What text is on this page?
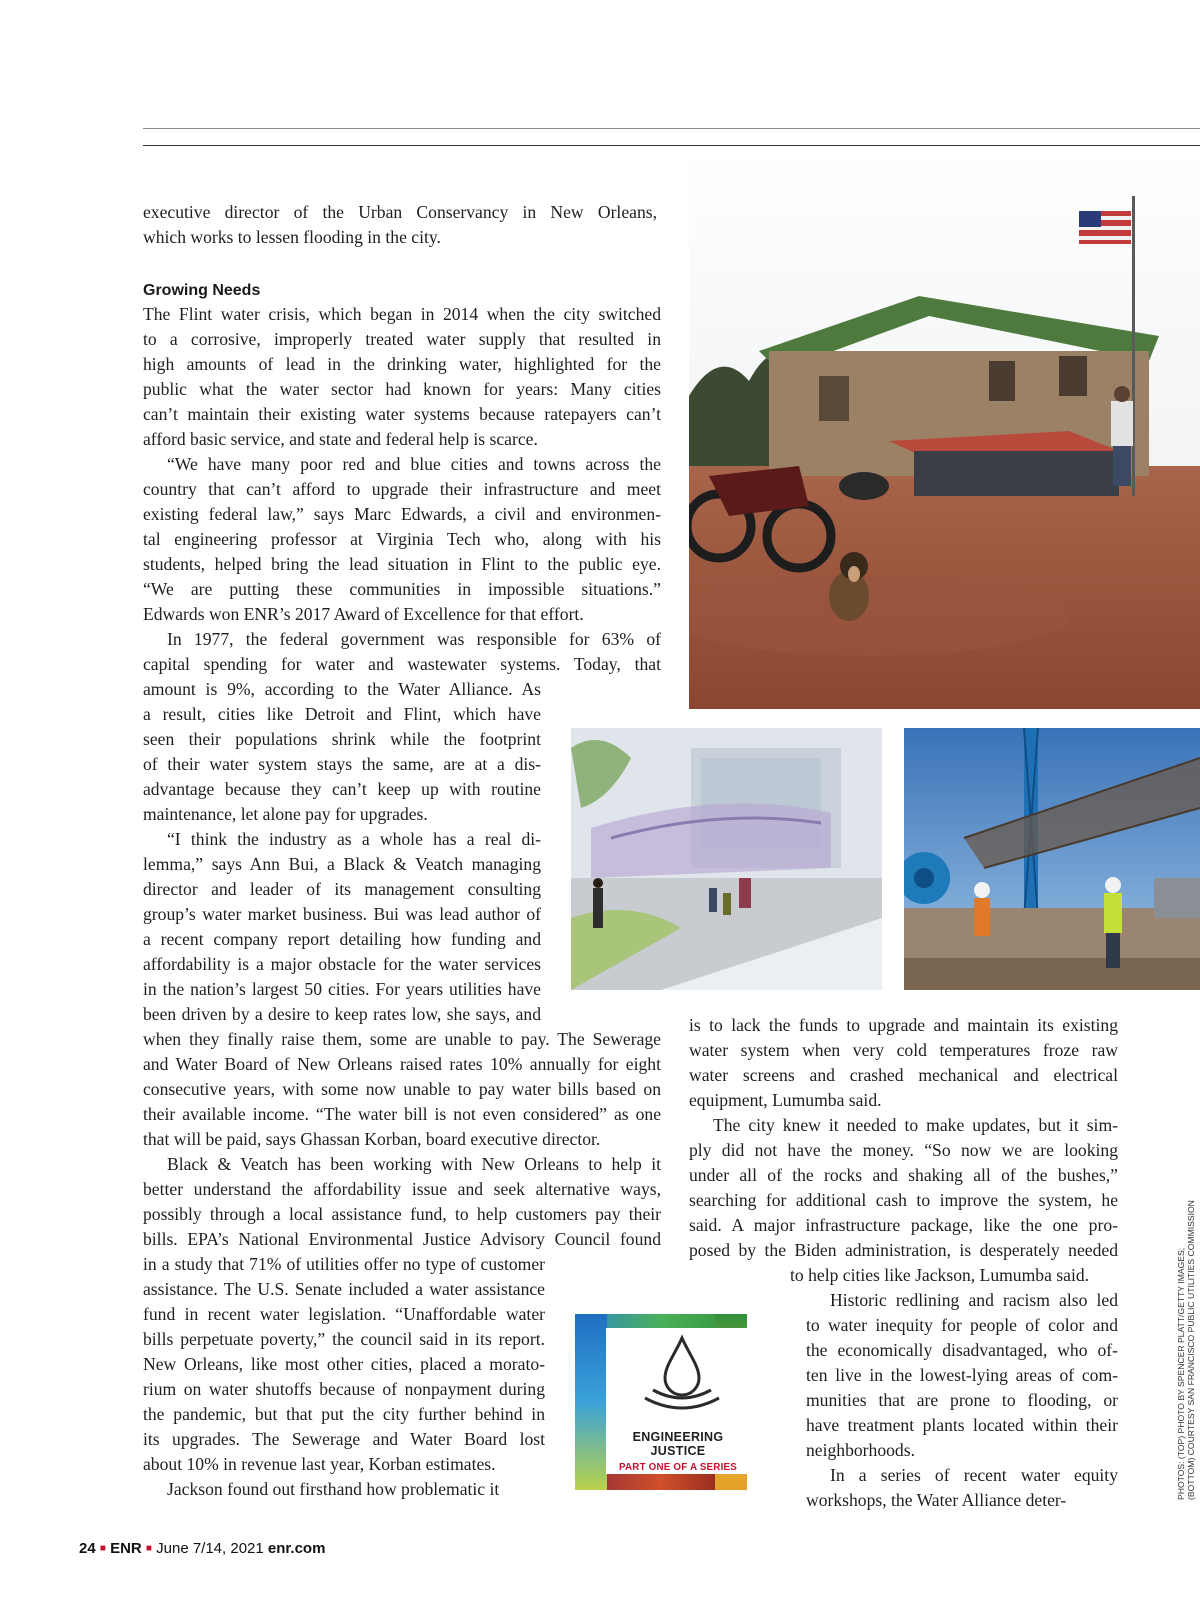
ENGINEERING
JUSTICE
PART ONE OF A SERIES
executive director of the Urban Conservancy in New Orleans,
which works to lessen flooding in the city.
Growing Needs
The Flint water crisis, which began in 2014 when the city switched
to a corrosive, improperly treated water supply that resulted in
high amounts of lead in the drinking water, highlighted for the
public what the water sector had known for years: Many cities
can’t maintain their existing water systems because ratepayers can’t
afford basic service, and state and federal help is scarce.
“We have many poor red and blue cities and towns across the
country that can’t afford to upgrade their infrastructure and meet
existing federal law,” says Marc Edwards, a civil and environmen-
tal engineering professor at Virginia Tech who, along with his
students, helped bring the lead situation in Flint to the public eye.
“We are putting these communities in impossible situations.”
Edwards won ENR’s 2017 Award of Excellence for that effort.
In 1977, the federal government was responsible for 63% of
capital spending for water and wastewater systems. Today, that
amount is 9%, according to the Water Alliance. As
a result, cities like Detroit and Flint, which have
seen their populations shrink while the footprint
of their water system stays the same, are at a dis-
advantage because they can’t keep up with routine
maintenance, let alone pay for upgrades.
“I think the industry as a whole has a real di-
lemma,” says Ann Bui, a Black & Veatch managing
director and leader of its management consulting
group’s water market business. Bui was lead author of
a recent company report detailing how funding and
affordability is a major obstacle for the water services
in the nation’s largest 50 cities. For years utilities have
been driven by a desire to keep rates low, she says, and
when they finally raise them, some are unable to pay. The Sewerage
and Water Board of New Orleans raised rates 10% annually for eight
consecutive years, with some now unable to pay water bills based on
their available income. “The water bill is not even considered” as one
that will be paid, says Ghassan Korban, board executive director.
Black & Veatch has been working with New Orleans to help it
better understand the affordability issue and seek alternative ways,
possibly through a local assistance fund, to help customers pay their
bills. EPA’s National Environmental Justice Advisory Council found
in a study that 71% of utilities offer no type of customer
assistance. The U.S. Senate included a water assistance
fund in recent water legislation. “Unaffordable water
bills perpetuate poverty,” the council said in its report.
New Orleans, like most other cities, placed a morato-
rium on water shutoffs because of nonpayment during
the pandemic, but that put the city further behind in
its upgrades. The Sewerage and Water Board lost
about 10% in revenue last year, Korban estimates.
Jackson found out firsthand how problematic it
is to lack the funds to upgrade and maintain its existing
water system when very cold temperatures froze raw
water screens and crashed mechanical and electrical
equipment, Lumumba said.
The city knew it needed to make updates, but it sim-
ply did not have the money. “So now we are looking
under all of the rocks and shaking all of the bushes,”
searching for additional cash to improve the system, he
said. A major infrastructure package, like the one pro-
posed by the Biden administration, is desperately needed
to help cities like Jackson, Lumumba said.
Historic redlining and racism also led
to water inequity for people of color and
the economically disadvantaged, who of-
ten live in the lowest-lying areas of com-
munities that are prone to flooding, or
have treatment plants located within their
neighborhoods.
In a series of recent water equity
workshops, the Water Alliance deter-	PHOTOS: (TOP) PHOTO BY SPENCER PLATT/GETTY IMAGES; (BOTTOM) COURTESY SAN FRANCISCO PUBLIC UTILITIES COMMISSION
24 ■ ENR ■ June 7/14, 2021 enr.com
